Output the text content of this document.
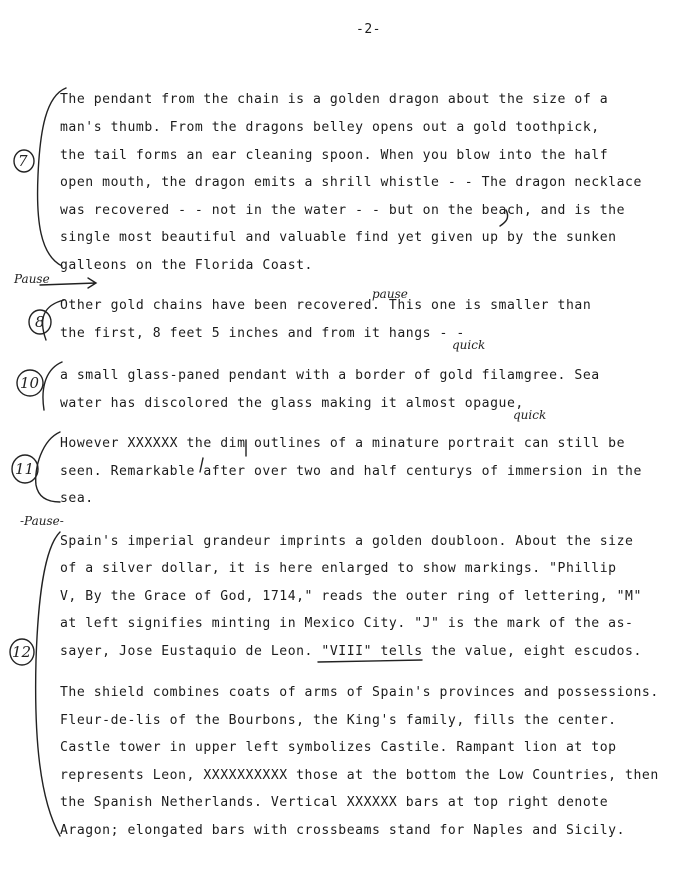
-2-
The pendant from the chain is a golden dragon about the size of a
man's thumb. From the dragons belley opens out a gold toothpick,
the tail forms an ear cleaning spoon. When you blow into the half
open mouth, the dragon emits a shrill whistle - - The dragon necklace
was recovered - - not in the water - - but on the beach, and is the
single most beautiful and valuable find yet given up by the sunken
galleons on the Florida Coast.
Other gold chains have been recovered. This one is smaller than
the first, 8 feet 5 inches and from it hangs - -
a small glass-paned pendant with a border of gold filamgree. Sea
water has discolored the glass making it almost opague,
However XXXXXX the dim outlines of a minature portrait can still be
seen. Remarkable after over two and half centurys of immersion in the
sea.
Spain's imperial grandeur imprints a golden doubloon. About the size
of a silver dollar, it is here enlarged to show markings. "Phillip
V, By the Grace of God, 1714," reads the outer ring of lettering, "M"
at left signifies minting in Mexico City. "J" is the mark of the as-
sayer, Jose Eustaquio de Leon. "VIII" tells the value, eight escudos.
The shield combines coats of arms of Spain's provinces and possessions.
Fleur-de-lis of the Bourbons, the King's family, fills the center.
Castle tower in upper left symbolizes Castile. Rampant lion at top
represents Leon, XXXXXXXXXX those at the bottom the Low Countries, then
the Spanish Netherlands. Vertical XXXXXX bars at top right denote
Aragon; elongated bars with crossbeams stand for Naples and Sicily.
7
8
10
11
12
Pause
pause
-Pause-
quick
quick
